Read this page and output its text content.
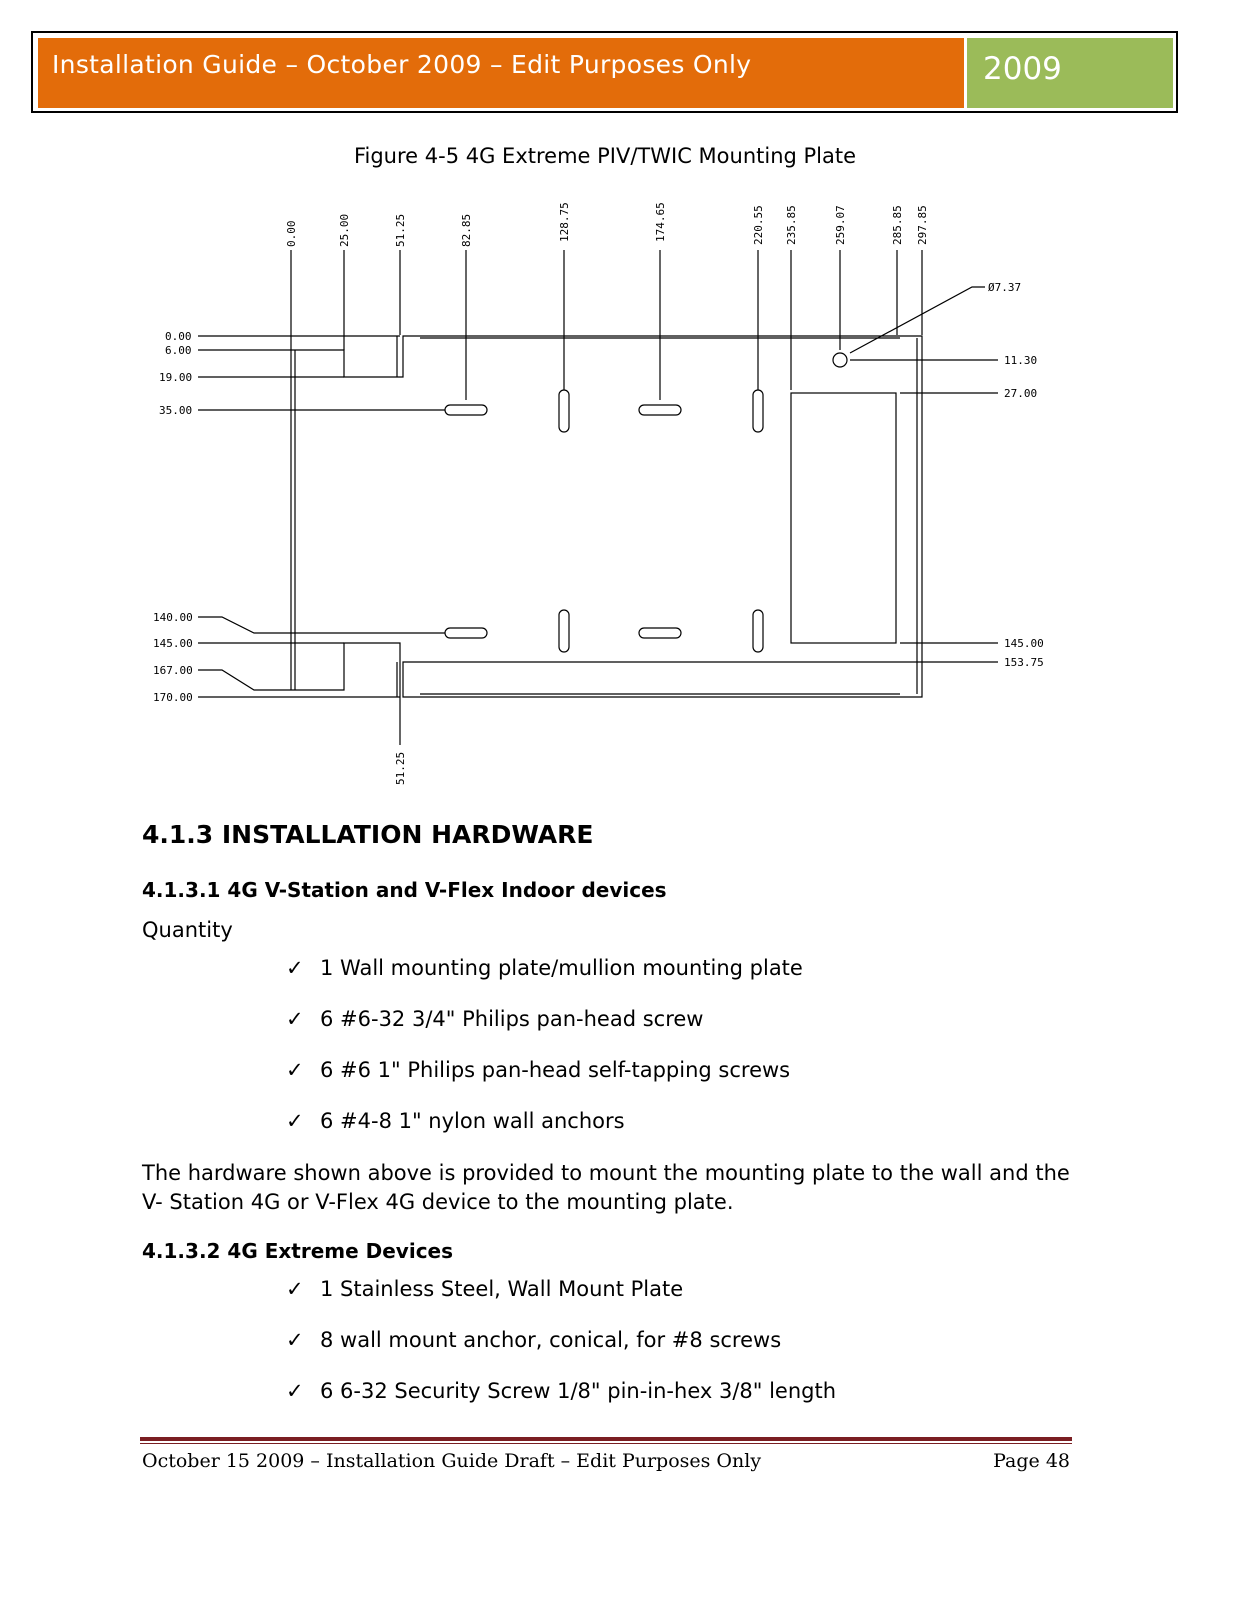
Installation Guide – October 2009 – Edit Purposes Only	2009
Figure 4-5 4G Extreme PIV/TWIC Mounting Plate
0.00	25.00	51.25	82.85	128.75	174.65	220.55 235.85	259.07	285.85 297.85
0.00
6.00
19.00
35.00
140.00
145.00
167.00
170.00
11.30
27.00
145.00
153.75
Ø7.37
51.25
4.1.3 INSTALLATION HARDWARE
4.1.3.1 4G V-Station and V-Flex Indoor devices
Quantity
✓ 1 Wall mounting plate/mullion mounting plate
✓ 6 #6-32 3/4" Philips pan-head screw
✓ 6 #6 1" Philips pan-head self-tapping screws
✓ 6 #4-8 1" nylon wall anchors
The hardware shown above is provided to mount the mounting plate to the wall and the V- Station 4G or V-Flex 4G device to the mounting plate.
4.1.3.2 4G Extreme Devices
✓ 1 Stainless Steel, Wall Mount Plate
✓ 8 wall mount anchor, conical, for #8 screws
✓ 6 6-32 Security Screw 1/8" pin-in-hex 3/8" length
October 15 2009 – Installation Guide Draft – Edit Purposes Only	Page 48
